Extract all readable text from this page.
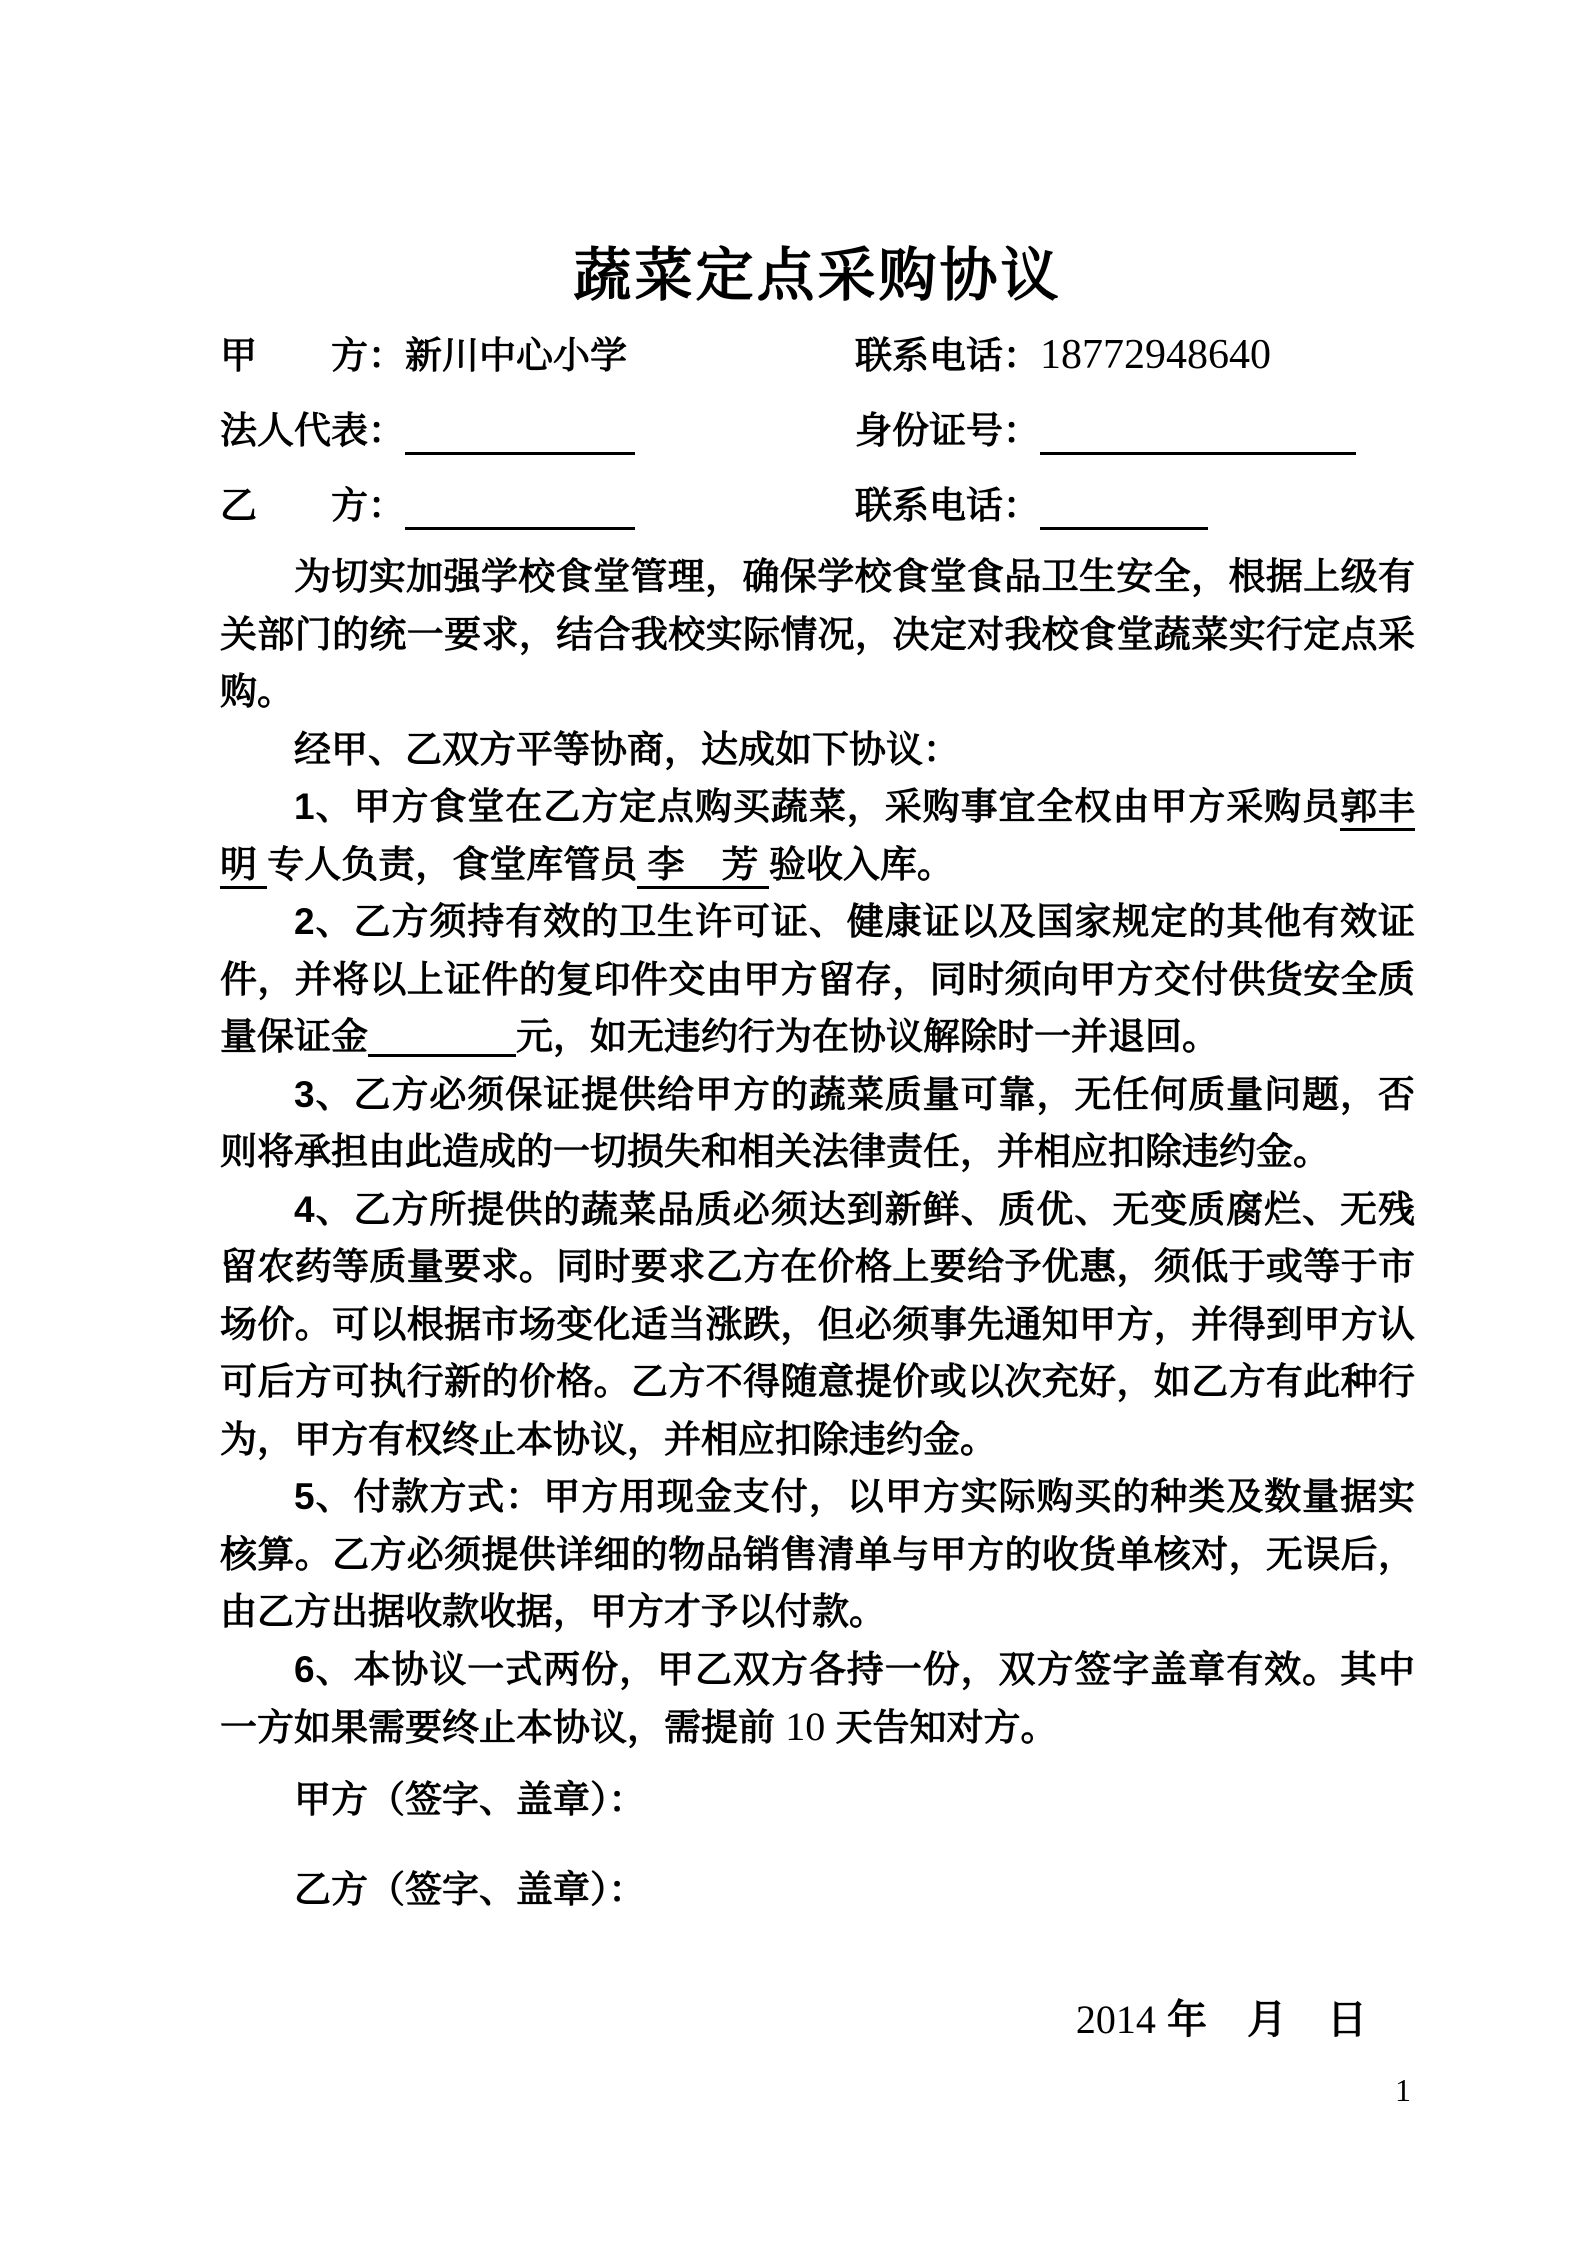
蔬菜定点采购协议
甲　　方：新川中心小学	联系电话：18772948640
法人代表：	身份证号：
乙　　方：	联系电话：

为切实加强学校食堂管理，确保学校食堂食品卫生安全，根据上级有关部门的统一要求，结合我校实际情况，决定对我校食堂蔬菜实行定点采购。

经甲、乙双方平等协商，达成如下协议：

1、甲方食堂在乙方定点购买蔬菜，采购事宜全权由甲方采购员郭丰明 专人负责，食堂库管员 李　芳 验收入库。

2、乙方须持有效的卫生许可证、健康证以及国家规定的其他有效证件，并将以上证件的复印件交由甲方留存，同时须向甲方交付供货安全质量保证金	元，如无违约行为在协议解除时一并退回。

3、乙方必须保证提供给甲方的蔬菜质量可靠，无任何质量问题，否则将承担由此造成的一切损失和相关法律责任，并相应扣除违约金。

4、乙方所提供的蔬菜品质必须达到新鲜、质优、无变质腐烂、无残留农药等质量要求。同时要求乙方在价格上要给予优惠，须低于或等于市场价。可以根据市场变化适当涨跌，但必须事先通知甲方，并得到甲方认可后方可执行新的价格。乙方不得随意提价或以次充好，如乙方有此种行为，甲方有权终止本协议，并相应扣除违约金。

5、付款方式：甲方用现金支付，以甲方实际购买的种类及数量据实核算。乙方必须提供详细的物品销售清单与甲方的收货单核对，无误后，由乙方出据收款收据，甲方才予以付款。

6、本协议一式两份，甲乙双方各持一份，双方签字盖章有效。其中一方如果需要终止本协议，需提前 10 天告知对方。

甲方（签字、盖章）：

乙方（签字、盖章）：

2014 年　月　日
1
